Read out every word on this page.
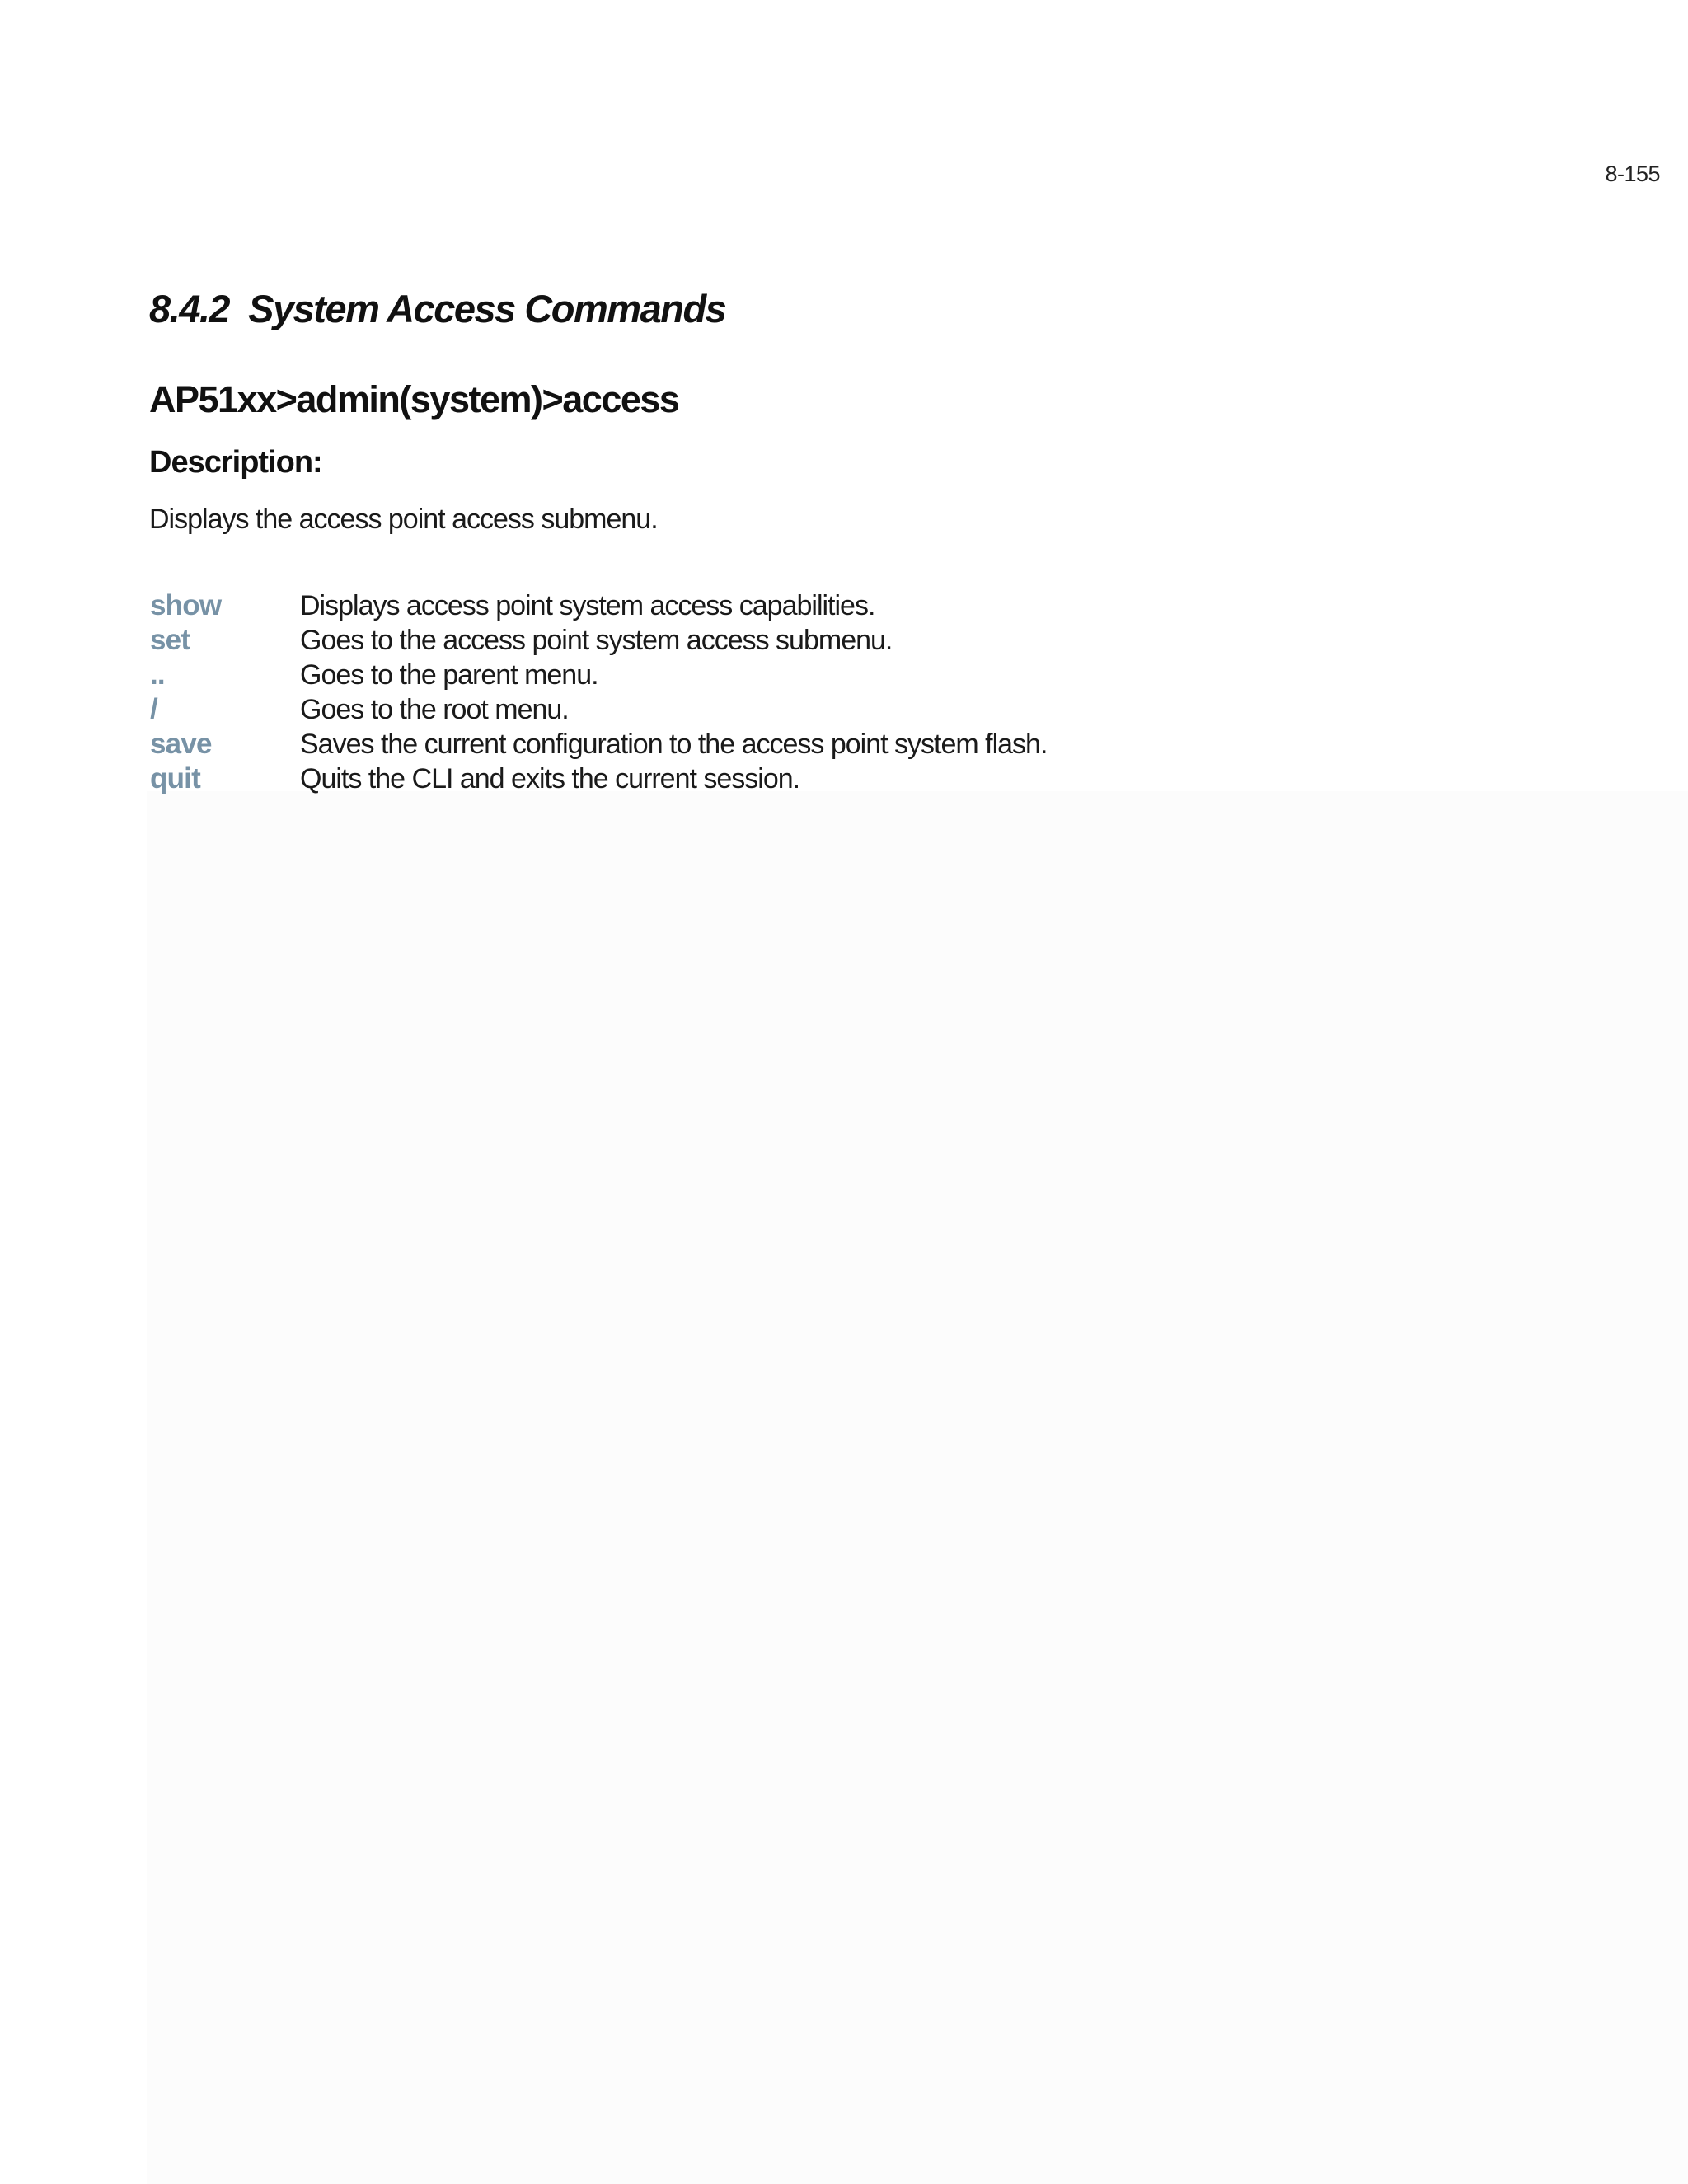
8-155
8.4.2  System Access Commands
AP51xx>admin(system)>access
Description:

Displays the access point access submenu.

show	Displays access point system access capabilities.
set	Goes to the access point system access submenu.
..	Goes to the parent menu.
/	Goes to the root menu.
save	Saves the current configuration to the access point system flash.
quit	Quits the CLI and exits the current session.
